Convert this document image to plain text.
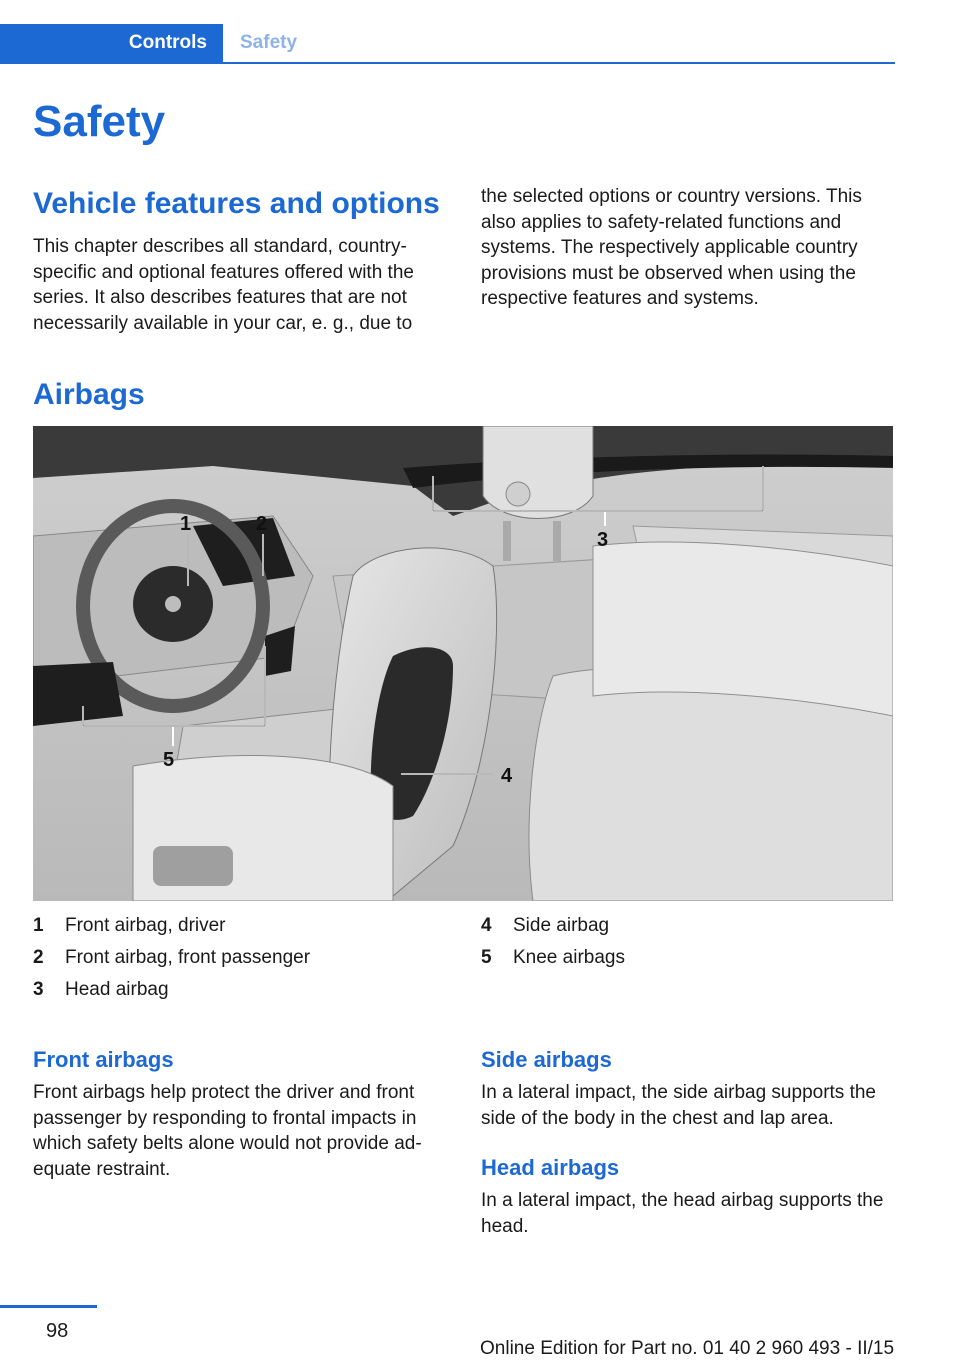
Controls	Safety
Safety
Vehicle features and options

This chapter describes all standard, country-specific and optional features offered with the series. It also describes features that are not necessarily available in your car, e. g., due to

the selected options or country versions. This also applies to safety-related functions and systems. The respectively applicable country provisions must be observed when using the respective features and systems.

Airbags
1	2
3
4
5
1 Front airbag, driver
2 Front airbag, front passenger
3 Head airbag
4 Side airbag
5 Knee airbags
Front airbags

Front airbags help protect the driver and front passenger by responding to frontal impacts in which safety belts alone would not provide ad-equate restraint.

Side airbags

In a lateral impact, the side airbag supports the side of the body in the chest and lap area.

Head airbags

In a lateral impact, the head airbag supports the head.

98
Online Edition for Part no. 01 40 2 960 493 - II/15
